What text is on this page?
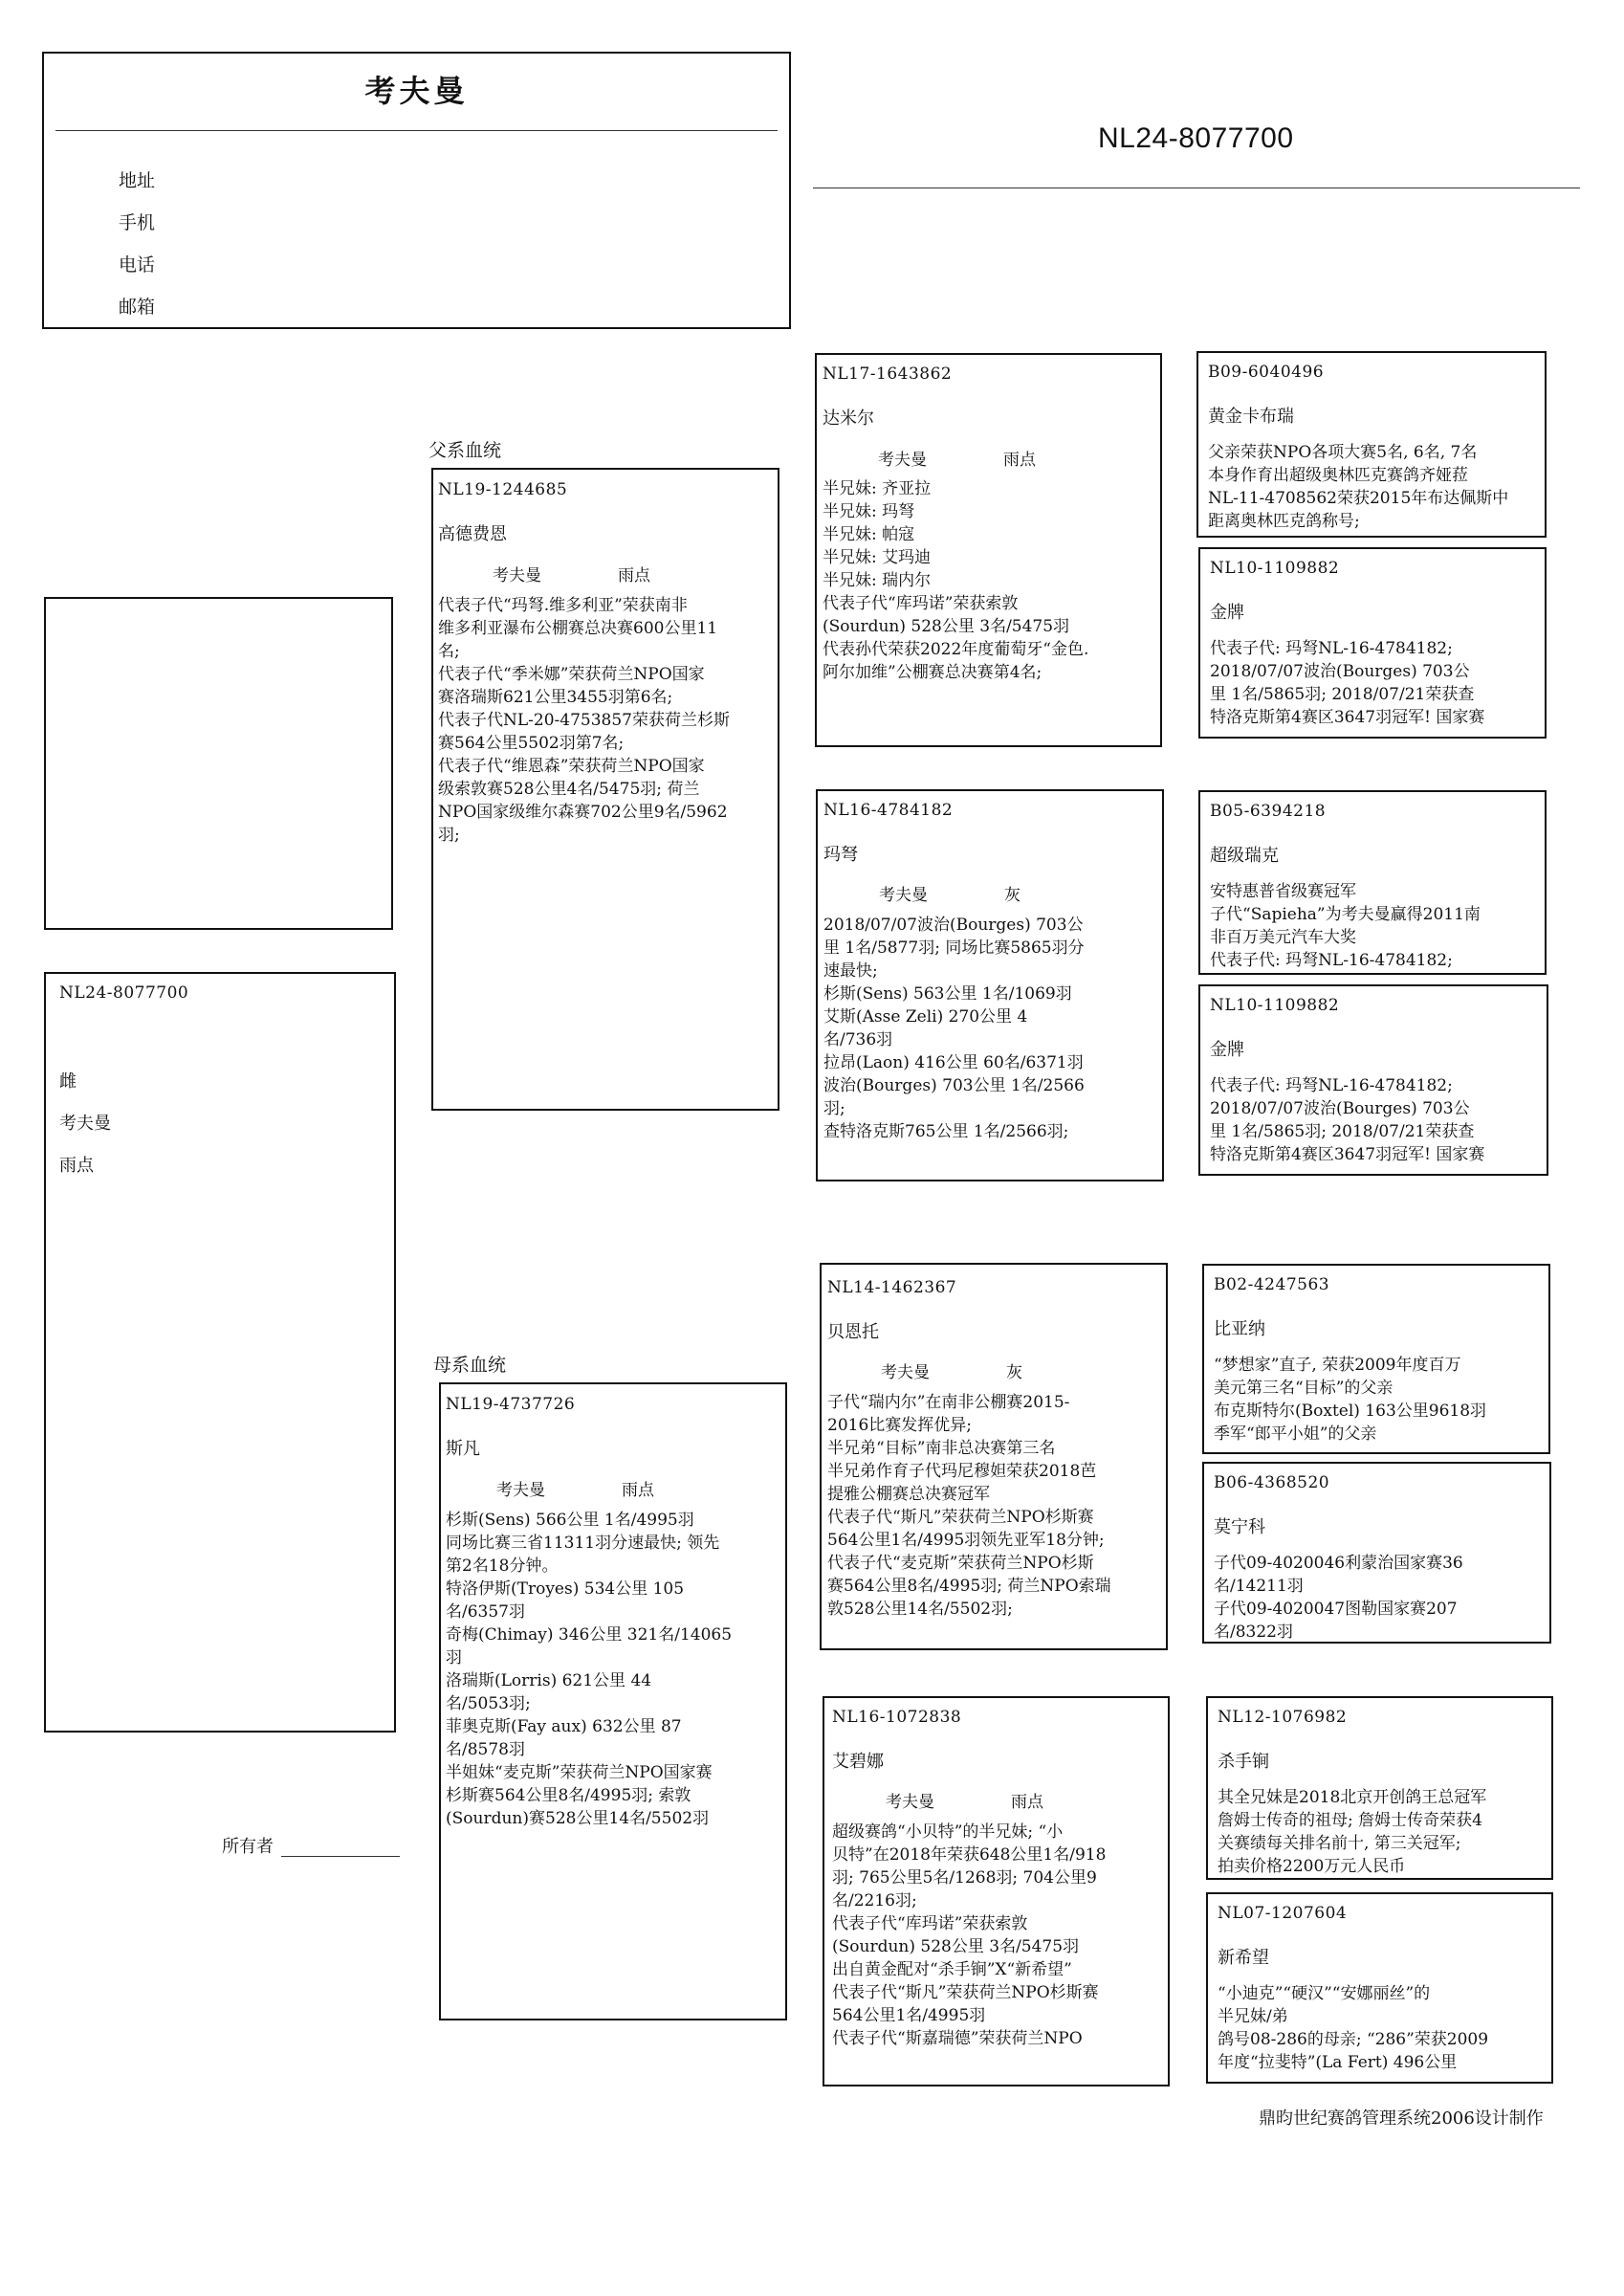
考夫曼
地址
手机
电话
邮箱
NL24-8077700
NL24-8077700
雌
考夫曼
雨点
父系血统
母系血统
NL19-1244685
高德费恩
考夫曼	雨点
代表子代“玛弩.维多利亚”荣获南非
维多利亚瀑布公棚赛总决赛600公里11
名;
代表子代“季米娜”荣获荷兰NPO国家
赛洛瑞斯621公里3455羽第6名;
代表子代NL-20-4753857荣获荷兰杉斯
赛564公里5502羽第7名;
代表子代“维恩森”荣获荷兰NPO国家
级索敦赛528公里4名/5475羽; 荷兰
NPO国家级维尔森赛702公里9名/5962
羽;
NL19-4737726
斯凡
考夫曼	雨点
杉斯(Sens) 566公里 1名/4995羽
同场比赛三省11311羽分速最快; 领先
第2名18分钟。
特洛伊斯(Troyes) 534公里 105
名/6357羽
奇梅(Chimay) 346公里 321名/14065
羽
洛瑞斯(Lorris) 621公里 44
名/5053羽;
菲奥克斯(Fay aux) 632公里 87
名/8578羽
半姐妹“麦克斯”荣获荷兰NPO国家赛
杉斯赛564公里8名/4995羽; 索敦
(Sourdun)赛528公里14名/5502羽
NL17-1643862
达米尔
考夫曼	雨点
半兄妹: 齐亚拉
半兄妹: 玛弩
半兄妹: 帕寇
半兄妹: 艾玛迪
半兄妹: 瑞内尔
代表子代“库玛诺”荣获索敦
(Sourdun) 528公里 3名/5475羽
代表孙代荣获2022年度葡萄牙“金色.
阿尔加维”公棚赛总决赛第4名;
NL16-4784182
玛弩
考夫曼	灰
2018/07/07波治(Bourges) 703公
里 1名/5877羽; 同场比赛5865羽分
速最快;
杉斯(Sens) 563公里 1名/1069羽
艾斯(Asse Zeli) 270公里 4
名/736羽
拉昂(Laon) 416公里 60名/6371羽
波治(Bourges) 703公里 1名/2566
羽;
查特洛克斯765公里 1名/2566羽;
NL14-1462367
贝恩托
考夫曼	灰
子代“瑞内尔”在南非公棚赛2015-
2016比赛发挥优异;
半兄弟“目标”南非总决赛第三名
半兄弟作育子代玛尼穆妲荣获2018芭
提雅公棚赛总决赛冠军
代表子代“斯凡”荣获荷兰NPO杉斯赛
564公里1名/4995羽领先亚军18分钟;
代表子代“麦克斯”荣获荷兰NPO杉斯
赛564公里8名/4995羽; 荷兰NPO索瑞
敦528公里14名/5502羽;
NL16-1072838
艾碧娜
考夫曼	雨点
超级赛鸽“小贝特”的半兄妹; “小
贝特”在2018年荣获648公里1名/918
羽; 765公里5名/1268羽; 704公里9
名/2216羽;
代表子代“库玛诺”荣获索敦
(Sourdun) 528公里 3名/5475羽
出自黄金配对“杀手锏”X“新希望”
代表子代“斯凡”荣获荷兰NPO杉斯赛
564公里1名/4995羽
代表子代“斯嘉瑞德”荣获荷兰NPO
B09-6040496
黄金卡布瑞
父亲荣获NPO各项大赛5名, 6名, 7名
本身作育出超级奥林匹克赛鸽齐娅菈
NL-11-4708562荣获2015年布达佩斯中
距离奥林匹克鸽称号;
NL10-1109882
金牌
代表子代: 玛弩NL-16-4784182;
2018/07/07波治(Bourges) 703公
里 1名/5865羽; 2018/07/21荣获查
特洛克斯第4赛区3647羽冠军! 国家赛
B05-6394218
超级瑞克
安特惠普省级赛冠军
子代“Sapieha”为考夫曼赢得2011南
非百万美元汽车大奖
代表子代: 玛弩NL-16-4784182;
NL10-1109882
金牌
代表子代: 玛弩NL-16-4784182;
2018/07/07波治(Bourges) 703公
里 1名/5865羽; 2018/07/21荣获查
特洛克斯第4赛区3647羽冠军! 国家赛
B02-4247563
比亚纳
“梦想家”直子, 荣获2009年度百万
美元第三名“目标”的父亲
布克斯特尔(Boxtel) 163公里9618羽
季军“郎平小姐”的父亲
B06-4368520
莫宁科
子代09-4020046利蒙治国家赛36
名/14211羽
子代09-4020047图勒国家赛207
名/8322羽
NL12-1076982
杀手锏
其全兄妹是2018北京开创鸽王总冠军
詹姆士传奇的祖母; 詹姆士传奇荣获4
关赛绩每关排名前十, 第三关冠军;
拍卖价格2200万元人民币
NL07-1207604
新希望
“小迪克”“硬汉”“安娜丽丝”的
半兄妹/弟
鸽号08-286的母亲; “286”荣获2009
年度“拉斐特”(La Fert) 496公里
所有者
鼎昀世纪赛鸽管理系统2006设计制作
